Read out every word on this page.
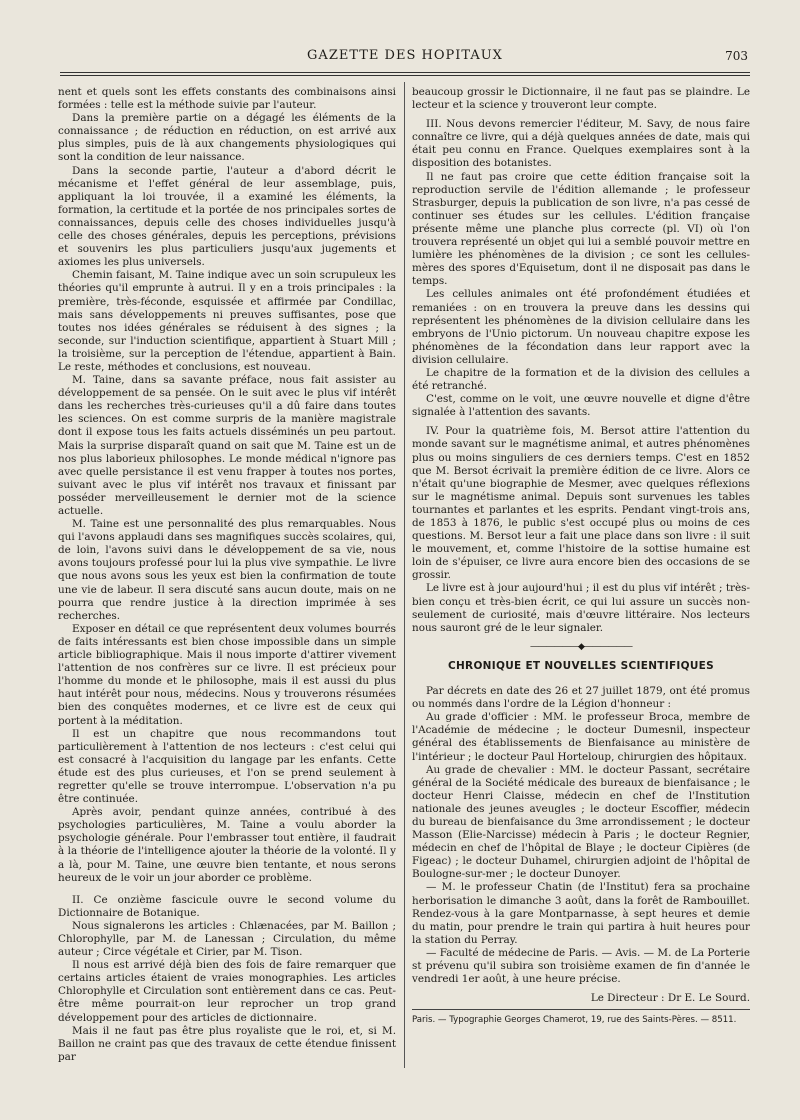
GAZETTE DES HOPITAUX	703

nent et quels sont les effets constants des combinaisons ainsi formées : telle est la méthode suivie par l'auteur.

Dans la première partie on a dégagé les éléments de la connaissance ; de réduction en réduction, on est arrivé aux plus simples, puis de là aux changements physiologiques qui sont la condition de leur naissance.

Dans la seconde partie, l'auteur a d'abord décrit le mécanisme et l'effet général de leur assemblage, puis, appliquant la loi trouvée, il a examiné les éléments, la formation, la certitude et la portée de nos principales sortes de connaissances, depuis celle des choses individuelles jusqu'à celle des choses générales, depuis les perceptions, prévisions et souvenirs les plus particuliers jusqu'aux jugements et axiomes les plus universels.

Chemin faisant, M. Taine indique avec un soin scrupuleux les théories qu'il emprunte à autrui. Il y en a trois principales : la première, très-féconde, esquissée et affirmée par Condillac, mais sans développements ni preuves suffisantes, pose que toutes nos idées générales se réduisent à des signes ; la seconde, sur l'induction scientifique, appartient à Stuart Mill ; la troisième, sur la perception de l'étendue, appartient à Bain. Le reste, méthodes et conclusions, est nouveau.

M. Taine, dans sa savante préface, nous fait assister au développement de sa pensée. On le suit avec le plus vif intérêt dans les recherches très-curieuses qu'il a dû faire dans toutes les sciences. On est comme surpris de la manière magistrale dont il expose tous les faits actuels disséminés un peu partout. Mais la surprise disparaît quand on sait que M. Taine est un de nos plus laborieux philosophes. Le monde médical n'ignore pas avec quelle persistance il est venu frapper à toutes nos portes, suivant avec le plus vif intérêt nos travaux et finissant par posséder merveilleusement le dernier mot de la science actuelle.

M. Taine est une personnalité des plus remarquables. Nous qui l'avons applaudi dans ses magnifiques succès scolaires, qui, de loin, l'avons suivi dans le développement de sa vie, nous avons toujours professé pour lui la plus vive sympathie. Le livre que nous avons sous les yeux est bien la confirmation de toute une vie de labeur. Il sera discuté sans aucun doute, mais on ne pourra que rendre justice à la direction imprimée à ses recherches.

Exposer en détail ce que représentent deux volumes bourrés de faits intéressants est bien chose impossible dans un simple article bibliographique. Mais il nous importe d'attirer vivement l'attention de nos confrères sur ce livre. Il est précieux pour l'homme du monde et le philosophe, mais il est aussi du plus haut intérêt pour nous, médecins. Nous y trouverons résumées bien des conquêtes modernes, et ce livre est de ceux qui portent à la méditation.

Il est un chapitre que nous recommandons tout particulièrement à l'attention de nos lecteurs : c'est celui qui est consacré à l'acquisition du langage par les enfants. Cette étude est des plus curieuses, et l'on se prend seulement à regretter qu'elle se trouve interrompue. L'observation n'a pu être continuée.

Après avoir, pendant quinze années, contribué à des psychologies particulières, M. Taine a voulu aborder la psychologie générale. Pour l'embrasser tout entière, il faudrait à la théorie de l'intelligence ajouter la théorie de la volonté. Il y a là, pour M. Taine, une œuvre bien tentante, et nous serons heureux de le voir un jour aborder ce problème.

II. Ce onzième fascicule ouvre le second volume du Dictionnaire de Botanique.

Nous signalerons les articles : Chlænacées, par M. Baillon ; Chlorophylle, par M. de Lanessan ; Circulation, du même auteur ; Circe végétale et Cirier, par M. Tison.

Il nous est arrivé déjà bien des fois de faire remarquer que certains articles étaient de vraies monographies. Les articles Chlorophylle et Circulation sont entièrement dans ce cas. Peut-être même pourrait-on leur reprocher un trop grand développement pour des articles de dictionnaire.

Mais il ne faut pas être plus royaliste que le roi, et, si M. Baillon ne craint pas que des travaux de cette étendue finissent par

beaucoup grossir le Dictionnaire, il ne faut pas se plaindre. Le lecteur et la science y trouveront leur compte.

III. Nous devons remercier l'éditeur, M. Savy, de nous faire connaître ce livre, qui a déjà quelques années de date, mais qui était peu connu en France. Quelques exemplaires sont à la disposition des botanistes.

Il ne faut pas croire que cette édition française soit la reproduction servile de l'édition allemande ; le professeur Strasburger, depuis la publication de son livre, n'a pas cessé de continuer ses études sur les cellules. L'édition française présente même une planche plus correcte (pl. VI) où l'on trouvera représenté un objet qui lui a semblé pouvoir mettre en lumière les phénomènes de la division ; ce sont les cellules-mères des spores d'Equisetum, dont il ne disposait pas dans le temps.

Les cellules animales ont été profondément étudiées et remaniées : on en trouvera la preuve dans les dessins qui représentent les phénomènes de la division cellulaire dans les embryons de l'Unio pictorum. Un nouveau chapitre expose les phénomènes de la fécondation dans leur rapport avec la division cellulaire.

Le chapitre de la formation et de la division des cellules a été retranché.

C'est, comme on le voit, une œuvre nouvelle et digne d'être signalée à l'attention des savants.

IV. Pour la quatrième fois, M. Bersot attire l'attention du monde savant sur le magnétisme animal, et autres phénomènes plus ou moins singuliers de ces derniers temps. C'est en 1852 que M. Bersot écrivait la première édition de ce livre. Alors ce n'était qu'une biographie de Mesmer, avec quelques réflexions sur le magnétisme animal. Depuis sont survenues les tables tournantes et parlantes et les esprits. Pendant vingt-trois ans, de 1853 à 1876, le public s'est occupé plus ou moins de ces questions. M. Bersot leur a fait une place dans son livre : il suit le mouvement, et, comme l'histoire de la sottise humaine est loin de s'épuiser, ce livre aura encore bien des occasions de se grossir.

Le livre est à jour aujourd'hui ; il est du plus vif intérêt ; très-bien conçu et très-bien écrit, ce qui lui assure un succès non-seulement de curiosité, mais d'œuvre littéraire. Nos lecteurs nous sauront gré de le leur signaler.

——————◆——————
CHRONIQUE ET NOUVELLES SCIENTIFIQUES

Par décrets en date des 26 et 27 juillet 1879, ont été promus ou nommés dans l'ordre de la Légion d'honneur :

Au grade d'officier : MM. le professeur Broca, membre de l'Académie de médecine ; le docteur Dumesnil, inspecteur général des établissements de Bienfaisance au ministère de l'intérieur ; le docteur Paul Horteloup, chirurgien des hôpitaux.

Au grade de chevalier : MM. le docteur Passant, secrétaire général de la Société médicale des bureaux de bienfaisance ; le docteur Henri Claisse, médecin en chef de l'Institution nationale des jeunes aveugles ; le docteur Escoffier, médecin du bureau de bienfaisance du 3me arrondissement ; le docteur Masson (Elie-Narcisse) médecin à Paris ; le docteur Regnier, médecin en chef de l'hôpital de Blaye ; le docteur Cipières (de Figeac) ; le docteur Duhamel, chirurgien adjoint de l'hôpital de Boulogne-sur-mer ; le docteur Dunoyer.

— M. le professeur Chatin (de l'Institut) fera sa prochaine herborisation le dimanche 3 août, dans la forêt de Rambouillet. Rendez-vous à la gare Montparnasse, à sept heures et demie du matin, pour prendre le train qui partira à huit heures pour la station du Perray.

— Faculté de médecine de Paris. — Avis. — M. de La Porterie st prévenu qu'il subira son troisième examen de fin d'année le vendredi 1er août, à une heure précise.

Le Directeur : Dr E. Le Sourd.

Paris. — Typographie Georges Chamerot, 19, rue des Saints-Pères. — 8511.
